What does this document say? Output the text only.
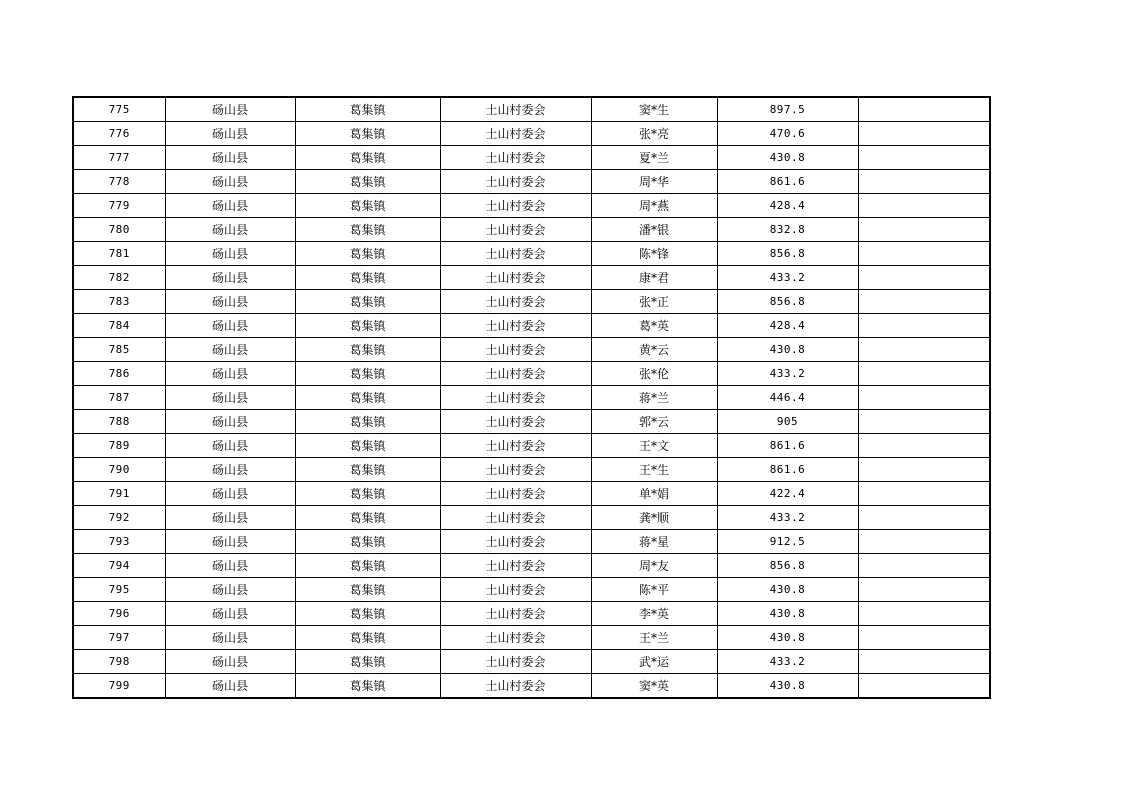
775	砀山县	葛集镇	土山村委会	窦*生	897.5	
776	砀山县	葛集镇	土山村委会	张*亮	470.6	
777	砀山县	葛集镇	土山村委会	夏*兰	430.8	
778	砀山县	葛集镇	土山村委会	周*华	861.6	
779	砀山县	葛集镇	土山村委会	周*燕	428.4	
780	砀山县	葛集镇	土山村委会	潘*银	832.8	
781	砀山县	葛集镇	土山村委会	陈*锋	856.8	
782	砀山县	葛集镇	土山村委会	康*君	433.2	
783	砀山县	葛集镇	土山村委会	张*正	856.8	
784	砀山县	葛集镇	土山村委会	葛*英	428.4	
785	砀山县	葛集镇	土山村委会	黄*云	430.8	
786	砀山县	葛集镇	土山村委会	张*伦	433.2	
787	砀山县	葛集镇	土山村委会	蒋*兰	446.4	
788	砀山县	葛集镇	土山村委会	郭*云	905	
789	砀山县	葛集镇	土山村委会	王*文	861.6	
790	砀山县	葛集镇	土山村委会	王*生	861.6	
791	砀山县	葛集镇	土山村委会	单*娟	422.4	
792	砀山县	葛集镇	土山村委会	龚*顺	433.2	
793	砀山县	葛集镇	土山村委会	蒋*星	912.5	
794	砀山县	葛集镇	土山村委会	周*友	856.8	
795	砀山县	葛集镇	土山村委会	陈*平	430.8	
796	砀山县	葛集镇	土山村委会	李*英	430.8	
797	砀山县	葛集镇	土山村委会	王*兰	430.8	
798	砀山县	葛集镇	土山村委会	武*运	433.2	
799	砀山县	葛集镇	土山村委会	窦*英	430.8	
